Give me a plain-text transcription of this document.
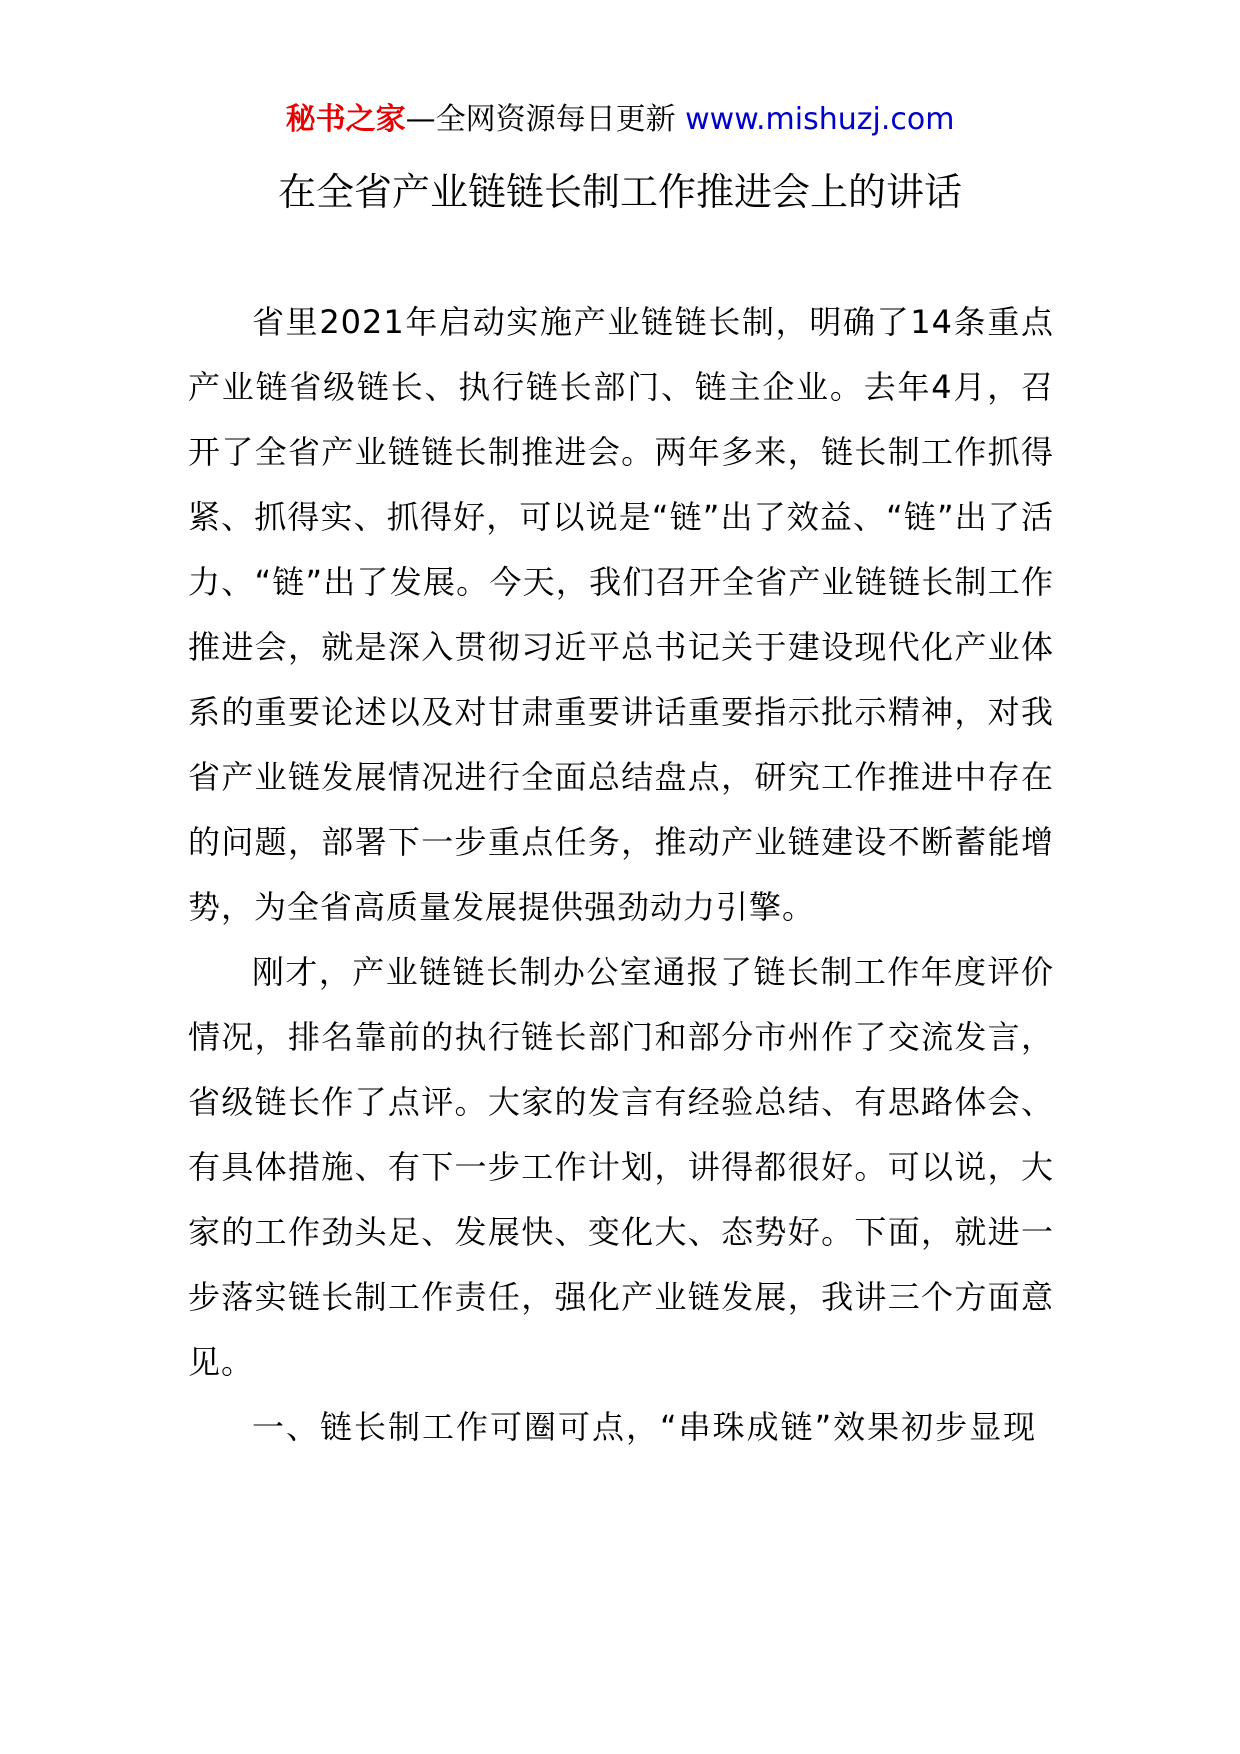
秘书之家—全网资源每日更新 www.mishuzj.com
在全省产业链链长制工作推进会上的讲话

省里2021年启动实施产业链链长制，明确了14条重点产业链省级链长、执行链长部门、链主企业。去年4月，召开了全省产业链链长制推进会。两年多来，链长制工作抓得紧、抓得实、抓得好，可以说是“链”出了效益、“链”出了活力、“链”出了发展。今天，我们召开全省产业链链长制工作推进会，就是深入贯彻习近平总书记关于建设现代化产业体系的重要论述以及对甘肃重要讲话重要指示批示精神，对我省产业链发展情况进行全面总结盘点，研究工作推进中存在的问题，部署下一步重点任务，推动产业链建设不断蓄能增势，为全省高质量发展提供强劲动力引擎。

刚才，产业链链长制办公室通报了链长制工作年度评价情况，排名靠前的执行链长部门和部分市州作了交流发言，省级链长作了点评。大家的发言有经验总结、有思路体会、有具体措施、有下一步工作计划，讲得都很好。可以说，大家的工作劲头足、发展快、变化大、态势好。下面，就进一步落实链长制工作责任，强化产业链发展，我讲三个方面意见。

一、链长制工作可圈可点，“串珠成链”效果初步显现
